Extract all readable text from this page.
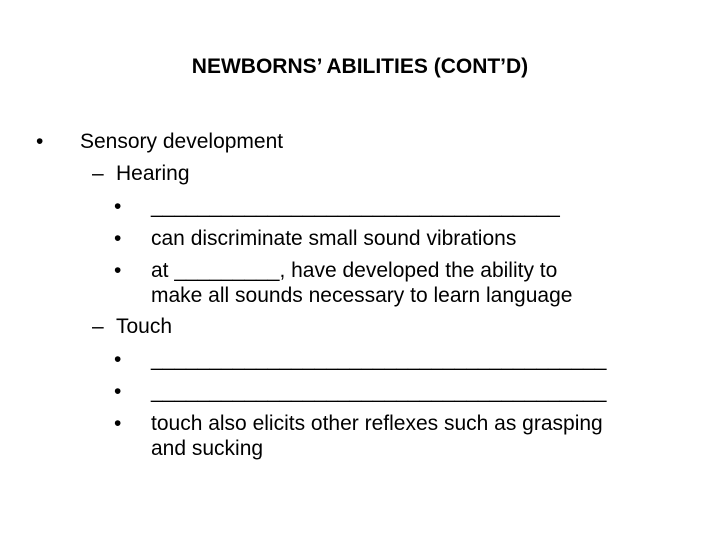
NEWBORNS’ ABILITIES (CONT’D)
• Sensory development
– Hearing
• ___________________________________
• can discriminate small sound vibrations
• at _________, have developed the ability to
make all sounds necessary to learn language
– Touch
• _______________________________________
• _______________________________________
• touch also elicits other reflexes such as grasping
and sucking
